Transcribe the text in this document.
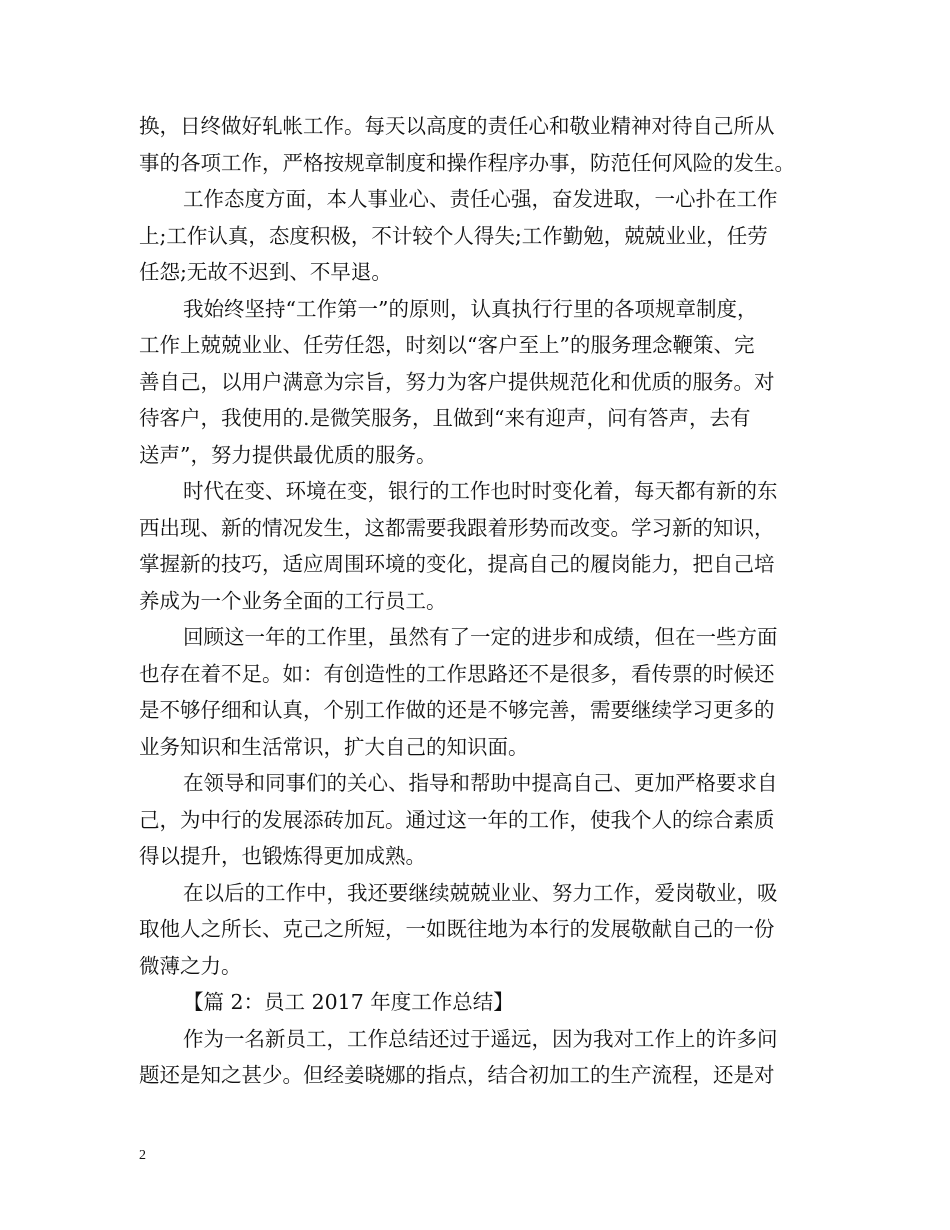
换，日终做好轧帐工作。每天以高度的责任心和敬业精神对待自己所从
事的各项工作，严格按规章制度和操作程序办事，防范任何风险的发生。
工作态度方面，本人事业心、责任心强，奋发进取，一心扑在工作
上;工作认真，态度积极，不计较个人得失;工作勤勉，兢兢业业，任劳
任怨;无故不迟到、不早退。
我始终坚持“工作第一”的原则，认真执行行里的各项规章制度，
工作上兢兢业业、任劳任怨，时刻以“客户至上”的服务理念鞭策、完
善自己，以用户满意为宗旨，努力为客户提供规范化和优质的服务。对
待客户，我使用的.是微笑服务，且做到“来有迎声，问有答声，去有
送声”，努力提供最优质的服务。
时代在变、环境在变，银行的工作也时时变化着，每天都有新的东
西出现、新的情况发生，这都需要我跟着形势而改变。学习新的知识，
掌握新的技巧，适应周围环境的变化，提高自己的履岗能力，把自己培
养成为一个业务全面的工行员工。
回顾这一年的工作里，虽然有了一定的进步和成绩，但在一些方面
也存在着不足。如：有创造性的工作思路还不是很多，看传票的时候还
是不够仔细和认真，个别工作做的还是不够完善，需要继续学习更多的
业务知识和生活常识，扩大自己的知识面。
在领导和同事们的关心、指导和帮助中提高自己、更加严格要求自
己，为中行的发展添砖加瓦。通过这一年的工作，使我个人的综合素质
得以提升，也锻炼得更加成熟。
在以后的工作中，我还要继续兢兢业业、努力工作，爱岗敬业，吸
取他人之所长、克己之所短，一如既往地为本行的发展敬献自己的一份
微薄之力。
【篇 2：员工 2017 年度工作总结】
作为一名新员工，工作总结还过于遥远，因为我对工作上的许多问
题还是知之甚少。但经姜晓娜的指点，结合初加工的生产流程，还是对
2
